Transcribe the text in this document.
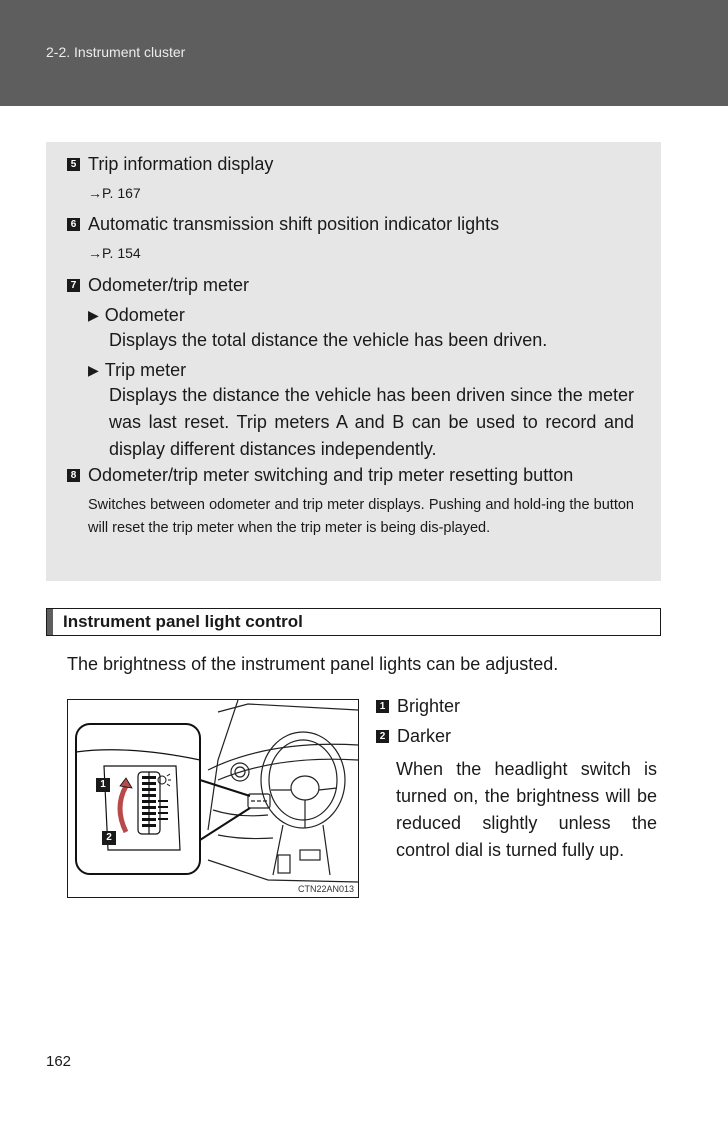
2-2. Instrument cluster
5 Trip information display
→P. 167
6 Automatic transmission shift position indicator lights
→P. 154
7 Odometer/trip meter
▶ Odometer
Displays the total distance the vehicle has been driven.
▶ Trip meter
Displays the distance the vehicle has been driven since the meter was last reset. Trip meters A and B can be used to record and display different distances independently.
8 Odometer/trip meter switching and trip meter resetting button
Switches between odometer and trip meter displays. Pushing and hold-ing the button will reset the trip meter when the trip meter is being dis-played.
Instrument panel light control
The brightness of the instrument panel lights can be adjusted.
1
2
CTN22AN013
1 Brighter
2 Darker
When the headlight switch is turned on, the brightness will be reduced slightly unless the control dial is turned fully up.
162
